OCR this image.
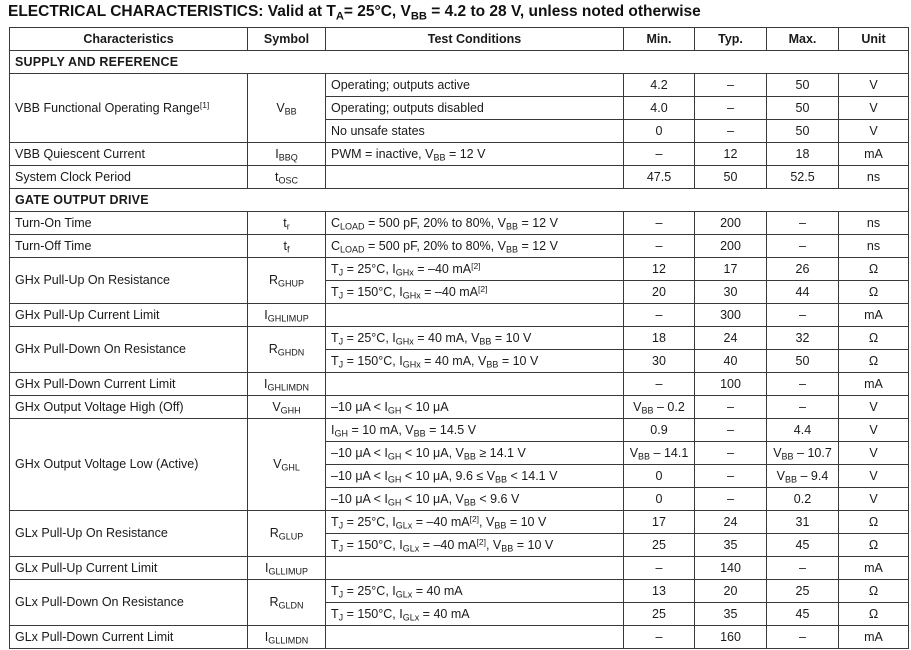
ELECTRICAL CHARACTERISTICS: Valid at $T_A= 25^\circ C$, $V_{BB} = 4.2$ to 28 V, unless noted otherwise
Characteristics	Symbol	Test Conditions	Min.	Typ.	Max.	Unit
SUPPLY AND REFERENCE						
VBB Functional Operating Range[1]	$V_{BB}$	Operating; outputs active	4.2	–	50	V
		Operating; outputs disabled	4.0	–	50	V
		No unsafe states	0	–	50	V
VBB Quiescent Current	$I_{BBQ}$	PWM = inactive, $V_{BB} = 12$ V	–	12	18	mA
System Clock Period	$t_{OSC}$		47.5	50	52.5	ns
GATE OUTPUT DRIVE						
Turn-On Time	$t_r$	$C_{LOAD} = 500$ pF, 20% to 80%, $V_{BB} = 12$ V	–	200	–	ns
Turn-Off Time	$t_f$	$C_{LOAD} = 500$ pF, 20% to 80%, $V_{BB} = 12$ V	–	200	–	ns
GHx Pull-Up On Resistance	$R_{GHUP}$	$T_J = 25^\circ C$, $I_{GHx} = -40$ mA[2]	12	17	26	Ω
		$T_J = 150^\circ C$, $I_{GHx} = -40$ mA[2]	20	30	44	Ω
GHx Pull-Up Current Limit	$I_{GHLIMUP}$		–	300	–	mA
GHx Pull-Down On Resistance	$R_{GHDN}$	$T_J = 25^\circ C$, $I_{GHx} = 40$ mA, $V_{BB} = 10$ V	18	24	32	Ω
		$T_J = 150^\circ C$, $I_{GHx} = 40$ mA, $V_{BB} = 10$ V	30	40	50	Ω
GHx Pull-Down Current Limit	$I_{GHLIMDN}$		–	100	–	mA
GHx Output Voltage High (Off)	$V_{GHH}$	–10 $\mu A < I_{GH} < 10$ μA	$V_{BB} - 0.2$	–	–	V
GHx Output Voltage Low (Active)	$V_{GHL}$	$I_{GH} = 10$ mA, $V_{BB} = 14.5$ V	0.9	–	4.4	V
		–10 $\mu A < I_{GH} < 10$ μA, $V_{BB} \ge 14.1$ V	$V_{BB} - 14.1$	–	$V_{BB} - 10.7$	V
		–10 $\mu A < I_{GH} < 10$ μA, $9.6 \le V_{BB} < 14.1$ V	0	–	$V_{BB} - 9.4$	V
		–10 $\mu A < I_{GH} < 10$ μA, $V_{BB} < 9.6$ V	0	–	0.2	V
GLx Pull-Up On Resistance	$R_{GLUP}$	$T_J = 25^\circ C$, $I_{GLx} = -40$ mA[2], $V_{BB} = 10$ V	17	24	31	Ω
		$T_J = 150^\circ C$, $I_{GLx} = -40$ mA[2], $V_{BB} = 10$ V	25	35	45	Ω
GLx Pull-Up Current Limit	$I_{GLLIMUP}$		–	140	–	mA
GLx Pull-Down On Resistance	$R_{GLDN}$	$T_J = 25^\circ C$, $I_{GLx} = 40$ mA	13	20	25	Ω
		$T_J = 150^\circ C$, $I_{GLx} = 40$ mA	25	35	45	Ω
GLx Pull-Down Current Limit	$I_{GLLIMDN}$		–	160	–	mA
